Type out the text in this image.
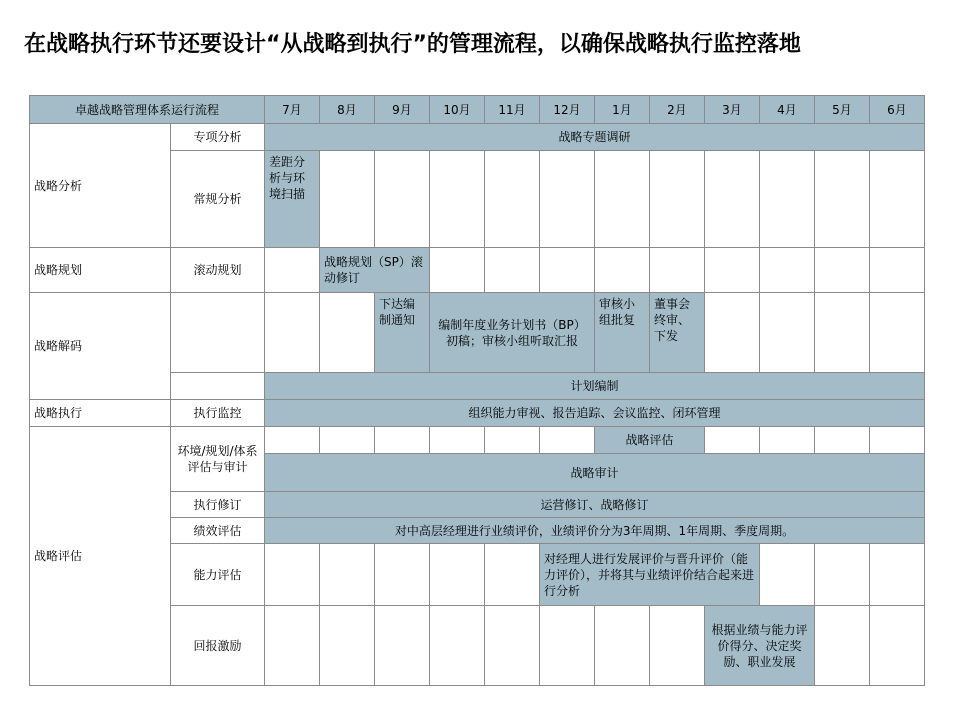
在战略执行环节还要设计“从战略到执行”的管理流程，以确保战略执行监控落地
卓越战略管理体系运行流程		7月	8月	9月	10月	11月	12月	1月	2月	3月	4月	5月	6月
战略分析	专项分析	战略专题调研											
	常规分析	差距分析与环境扫描											
战略规划	滚动规划		战略规划（SP）滚动修订										
战略解码				下达编制通知	编制年度业务计划书（BP）初稿；审核小组听取汇报			审核小组批复	董事会终审、下发				
		计划编制											
战略执行	执行监控	组织能力审视、报告追踪、会议监控、闭环管理											
战略评估	环境/规划/体系评估与审计							战略评估					
		战略审计											
	执行修订	运营修订、战略修订											
	绩效评估	对中高层经理进行业绩评价，业绩评价分为3年周期、1年周期、季度周期。											
	能力评估						对经理人进行发展评价与晋升评价（能力评价），并将其与业绩评价结合起来进行分析						
	回报激励									根据业绩与能力评价得分、决定奖励、职业发展			
